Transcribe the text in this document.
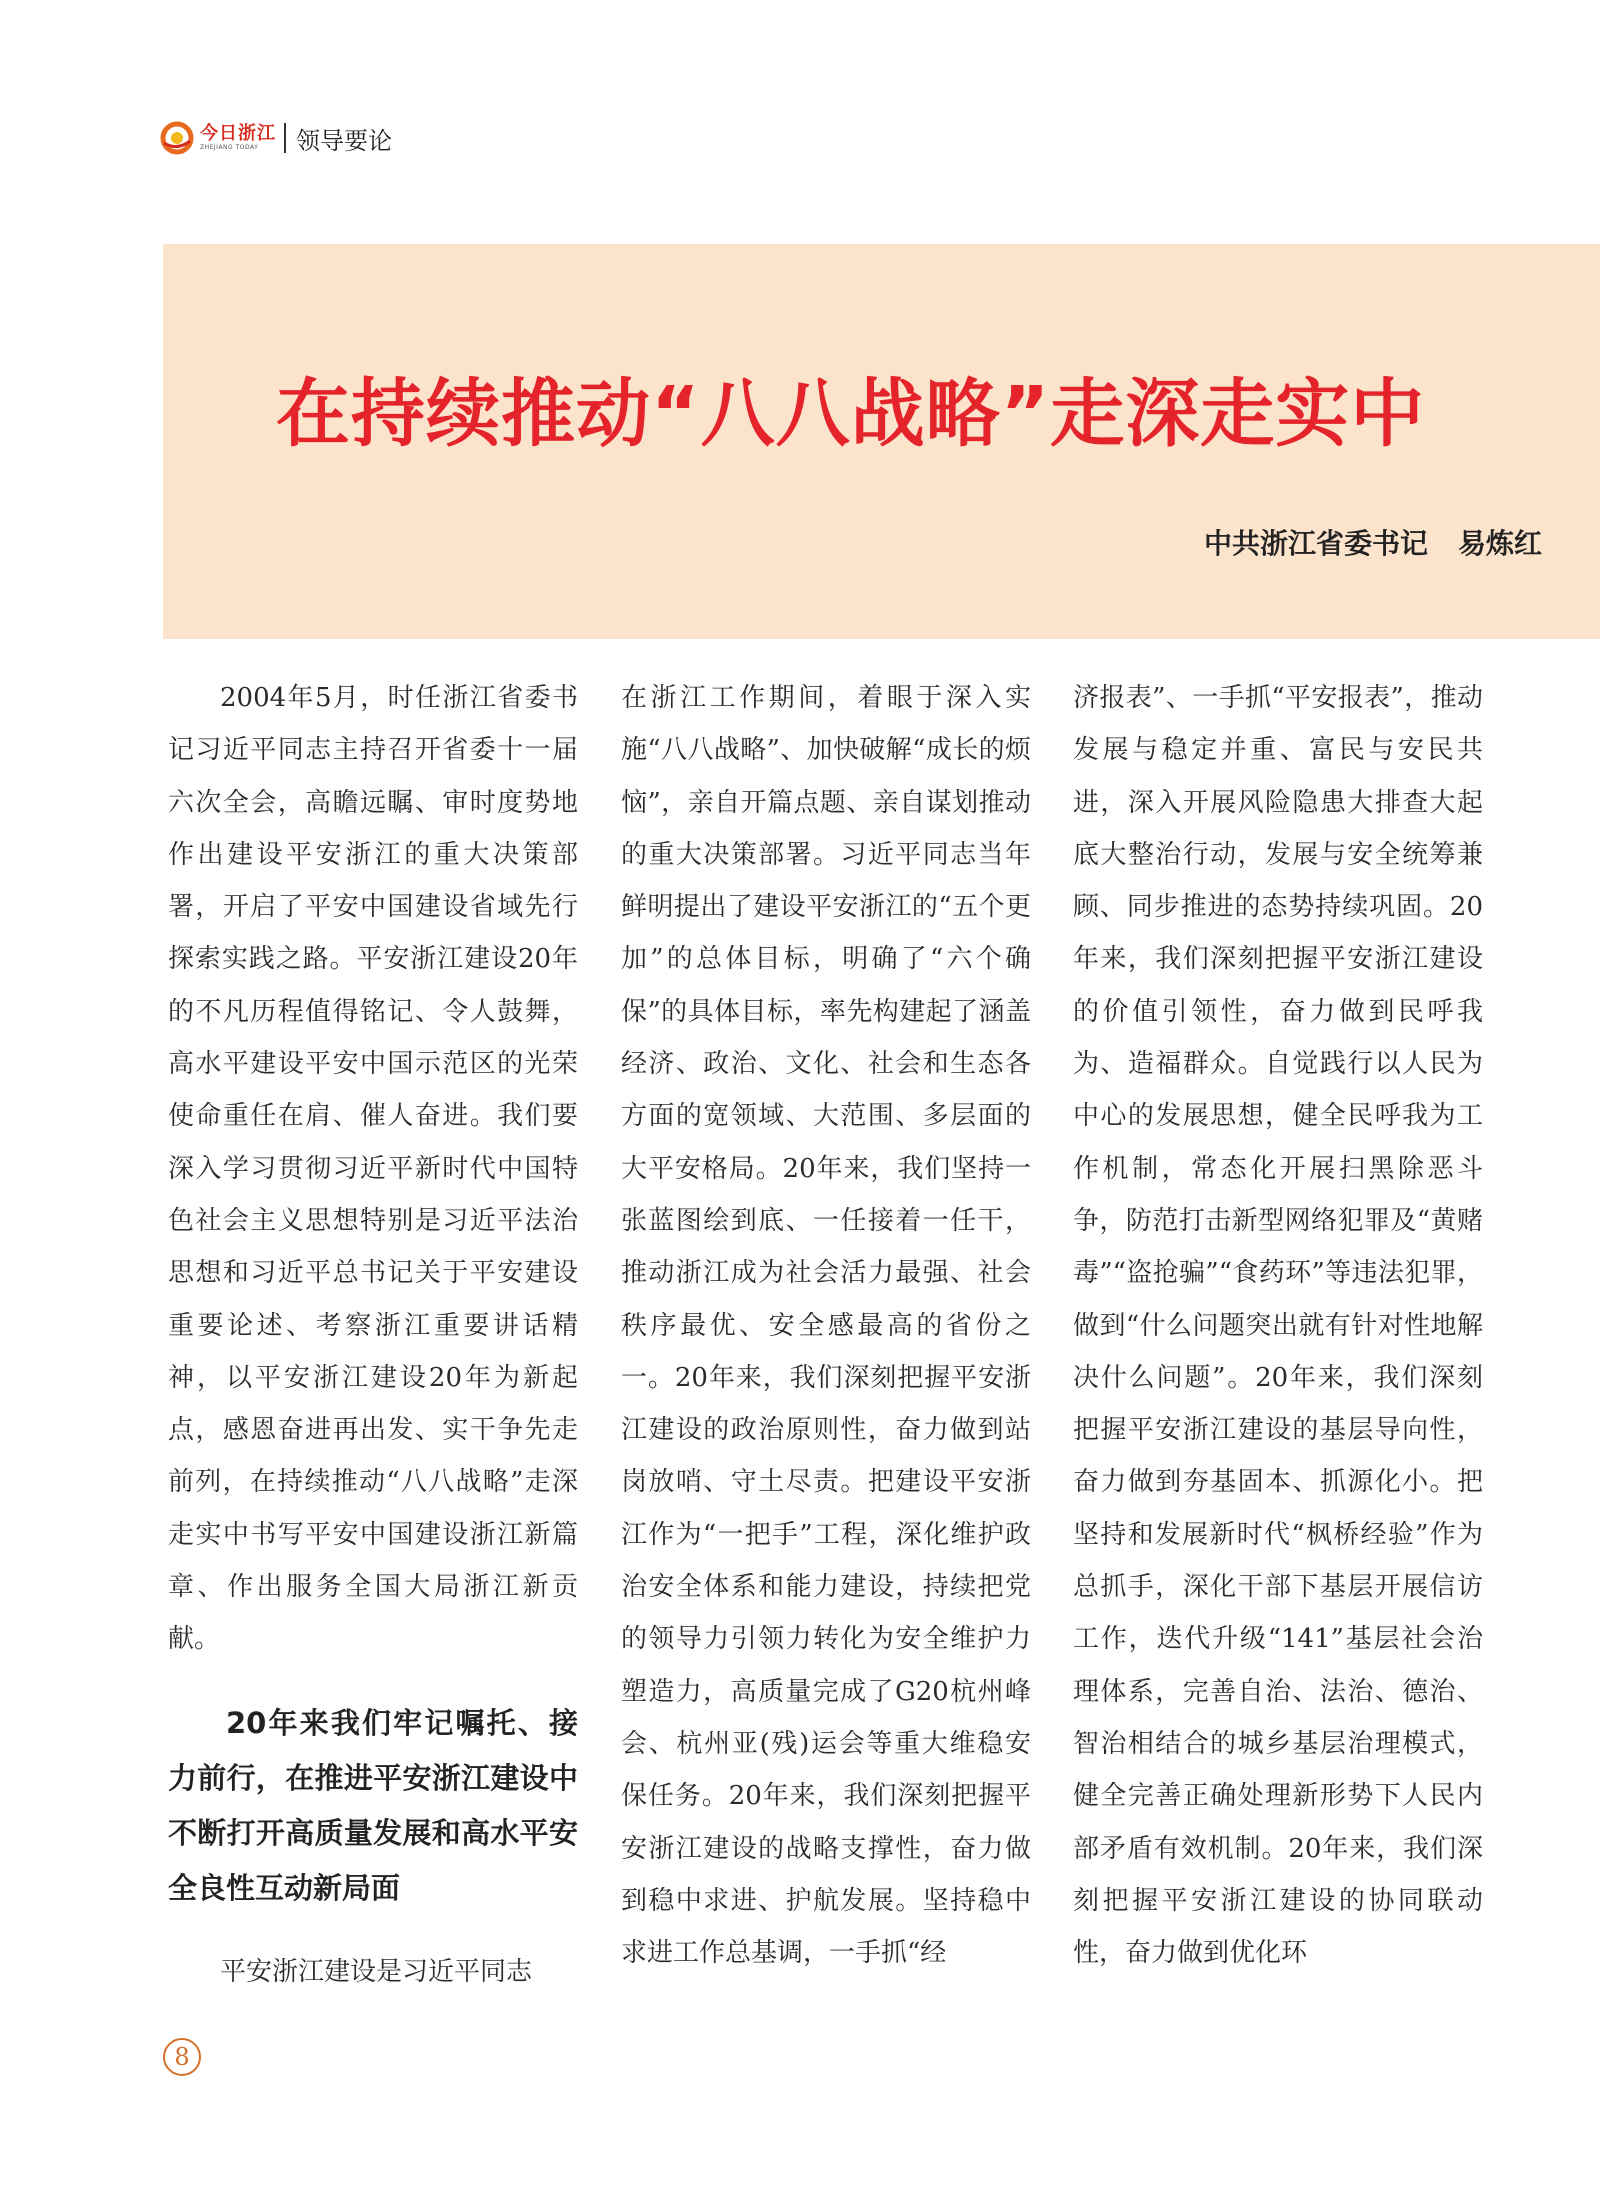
今日浙江
ZHEJIANG TODAY	领导要论
在持续推动“八八战略”走深走实中
中共浙江省委书记 易炼红

2004年5月，时任浙江省委书记习近平同志主持召开省委十一届六次全会，高瞻远瞩、审时度势地作出建设平安浙江的重大决策部署，开启了平安中国建设省域先行探索实践之路。平安浙江建设20年的不凡历程值得铭记、令人鼓舞，高水平建设平安中国示范区的光荣使命重任在肩、催人奋进。我们要深入学习贯彻习近平新时代中国特色社会主义思想特别是习近平法治思想和习近平总书记关于平安建设重要论述、考察浙江重要讲话精神，以平安浙江建设20年为新起点，感恩奋进再出发、实干争先走前列，在持续推动“八八战略”走深走实中书写平安中国建设浙江新篇章、作出服务全国大局浙江新贡献。

20年来我们牢记嘱托、接力前行，在推进平安浙江建设中不断打开高质量发展和高水平安全良性互动新局面

平安浙江建设是习近平同志

在浙江工作期间，着眼于深入实施“八八战略”、加快破解“成长的烦恼”，亲自开篇点题、亲自谋划推动的重大决策部署。习近平同志当年鲜明提出了建设平安浙江的“五个更加”的总体目标，明确了“六个确保”的具体目标，率先构建起了涵盖经济、政治、文化、社会和生态各方面的宽领域、大范围、多层面的大平安格局。20年来，我们坚持一张蓝图绘到底、一任接着一任干，推动浙江成为社会活力最强、社会秩序最优、安全感最高的省份之一。20年来，我们深刻把握平安浙江建设的政治原则性，奋力做到站岗放哨、守土尽责。把建设平安浙江作为“一把手”工程，深化维护政治安全体系和能力建设，持续把党的领导力引领力转化为安全维护力塑造力，高质量完成了G20杭州峰会、杭州亚(残)运会等重大维稳安保任务。20年来，我们深刻把握平安浙江建设的战略支撑性，奋力做到稳中求进、护航发展。坚持稳中求进工作总基调，一手抓“经

济报表”、一手抓“平安报表”，推动发展与稳定并重、富民与安民共进，深入开展风险隐患大排查大起底大整治行动，发展与安全统筹兼顾、同步推进的态势持续巩固。20年来，我们深刻把握平安浙江建设的价值引领性，奋力做到民呼我为、造福群众。自觉践行以人民为中心的发展思想，健全民呼我为工作机制，常态化开展扫黑除恶斗争，防范打击新型网络犯罪及“黄赌毒”“盗抢骗”“食药环”等违法犯罪，做到“什么问题突出就有针对性地解决什么问题”。20年来，我们深刻把握平安浙江建设的基层导向性，奋力做到夯基固本、抓源化小。把坚持和发展新时代“枫桥经验”作为总抓手，深化干部下基层开展信访工作，迭代升级“141”基层社会治理体系，完善自治、法治、德治、智治相结合的城乡基层治理模式，健全完善正确处理新形势下人民内部矛盾有效机制。20年来，我们深刻把握平安浙江建设的协同联动性，奋力做到优化环

8
